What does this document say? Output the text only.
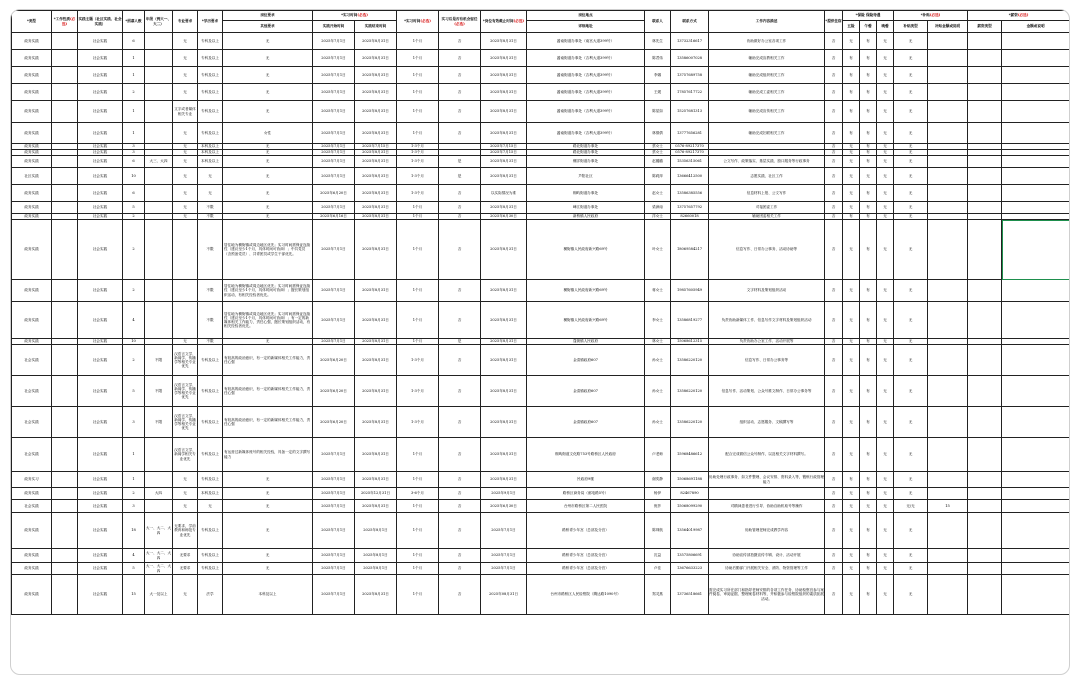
*类型	*工作性质(必选)	实践主题（社区实践、社会实践）	*招募人数	年级（例大一、大二）	专业要求	*学历要求	岗位要求	*实习时间(必选)		*实习时间(必选)	实习后是否有机会留任(必选)	*岗位有效截止时间(必选)	岗位地点	联系人	联系方式	工作内容描述	*提供住宿	*保险 保险待遇			*补贴(必选)		*薪资(必选)	
							其他要求	实践开始时间	实践结束时间				详细地址					五险	午餐	晚餐	补贴类型	补贴金额或说明	薪资类型	金额或说明
政务实践		社会实践	6		无	专科及以上	无	2025年7月1日	2025年8月31日	1个月	否	2025年8月31日	潞南街道办事处（南宫大道399号）	林先生	13732316617	协助做好办公室各项工作	否	无	有	无	无			
政务实践		社会实践	1		无	专科及以上	无	2025年7月1日	2025年8月31日	1个月	否	2025年8月31日	潞南街道办事处（吉利大道399号）	陈君伟	13586007028	辅助完成宣教相关工作	否	有	有	无	无			
政务实践		社会实践	1		无	专科及以上	无	2025年7月1日	2025年8月31日	1个月	否	2025年8月31日	潞南街道办事处（吉利大道399号）	李娜	13757689758	辅助完成组织相关工作	否	有	有	无	无			
政务实践		社会实践	2		无	专科及以上	无	2025年7月1日	2025年8月31日	1个月	否	2025年8月31日	潞南街道办事处（吉利大道399号）	王媛	17857617722	辅助完成工委相关工作	否	有	有	无	无			
政务实践		社会实践	1		文字或者媒体相关专业	专科及以上	无	2025年7月1日	2025年8月31日	1个月	否	2025年8月31日	潞南街道办事处（吉利大道399号）	陈星如	15257681313	辅助完成宣传相关工作	否	有	有	无	无			
政务实践		社会实践	1		无	专科及以上	女性	2025年7月1日	2025年8月31日	1个月	否	2025年8月31日	潞南街道办事处（吉利大道399号）	林倩倩	13777656281	辅助完成妇联相关工作	否	有	有	无	无			
政务实践		社会实践	3		无	本科及以上	无	2025年7月1日	2025年7月15日	1-3个月		2025年7月15日	路北街道办事处	蔡女士	0576-89217370		否	无	有	无	无			
政务实践		社会实践	3		无	本科及以上	无	2025年7月1日	2025年8月31日	1-3个月		2025年7月15日	路北街道办事处	蔡女士	0576-89217370		否	无	有	无	无			
政务实践		社会实践	6	大三、大四	无	本科及以上	无	2025年7月1日	2025年8月31日	1-3个月	是	2025年8月31日	螺洋街道办事处	赵璐璐	15356315061	公文写作、政策落实、基层实践、窗口服务等行政事务	否	无	有	无	无			
社区实践		社会实践	10		无	无	无	2025年7月1日	2025年8月31日	1-3个月	是	2025年8月31日	芦阳社区	陈莉萍	13666412500	志愿实践、社区工作	否	无	无	无	无			
政务实践		社会实践	6		无	无	无	2025年6月20日	2025年8月31日	1-3个月	否	以实际情况为准	桐屿街道办事处	赵女士	13586385556	信息材料上报、公文写作	否	无	有	无	无			
政务实践		社会实践	5		无	不限	无	2025年7月1日	2025年8月31日	1个月	否	2025年8月31日	峰江街道办事处	梁润南	13757657792	对接团委工作	否	无	有	无	无			
政务实践		社会实践	2		无	不限	无	2025年6月16日	2025年8月31日	1个月	否	2025年6月30日	新桥镇人民政府	洋女士	82660018	辅助团委相关工作	否	有	有	无	无			
政务实践		社会实践	2			不限	居住地为横街镇或周边地区优先；实习时间需保证连续性（建议至少1个月，具体时间可协商）；中共党员（含预备党员）、共青团员或学生干部优先。	2025年7月1日	2025年8月31日	1个月	否	2025年8月31日	横街镇人民政府新兴路69号	叶女士	18069584217	信息写作、日常办公事务、活动协助等	否	无	有	无	无			
政务实践		社会实践	2			不限	居住地为横街镇或周边地区优先；实习时间需保证连续性（建议至少1个月，具体时间可协商）；擅长策划组织活动，有相关经验者优先。	2025年7月1日	2025年8月31日	1个月	否	2025年8月31日	横街镇人民政府新兴路69号	蒋女士	19857605949	文字材料及策划组织活动	否	无	有	无	无			
政务实践		社会实践	4			不限	居住地为横街镇或周边地区优先；实习时间需保证连续性（建议至少1个月，具体时间可协商）；有一定的新媒体相关工作能力，责任心强，擅长策划组织活动，有相关经验者优先。	2025年7月1日	2025年8月31日	1个月	否	2025年8月31日	横街镇人民政府新兴路69号	李女士	13586819277	负责协助新媒体工作、信息写作文字材料及策划组织活动	否	无	有	无	无			
政务实践		社会实践	10		无	不限	无	2025年7月1日	2025年8月31日	1个月	是	2025年8月31日	蓬街镇人民政府	林女士	15068612315	负责协助办公室工作、活动开展等	否	无	有	无	无			
社会实践		社会实践	2	不限	汉语言文学、新闻学、传播学等相关专业优先	专科及以上	有较高的政治意识，有一定的新媒体相关工作能力，责任心强	2025年6月20日	2025年8月31日	1-3个月	否	2025年8月31日	金清镇政府607	孙女士	13586220120	信息写作、日常办公事务等	否	无	有	无	无			
社会实践		社会实践	5	不限	汉语言文学、新闻学、传播学等相关专业优先	专科及以上	有较高的政治意识，有一定的新媒体相关工作能力，责任心强	2025年6月20日	2025年8月31日	1-3个月	否	2025年8月31日	金清镇政府607	孙女士	13586220120	信息写作、活动策划、公众号推文制作、日常办公事务等	否	无	有	无	无			
社会实践		社会实践	3	不限	汉语言文学、新闻学、传播学等相关专业优先	专科及以上	有较高的政治意识，有一定的新媒体相关工作能力，责任心强	2025年6月20日	2025年8月31日	1-3个月	否	2025年8月31日	金清镇政府607	孙女士	13586220120	组织活动、志愿服务、文稿撰写等	否	无	有	无	无			
社会实践		社会实践	1		汉语言文学、新闻学相关专业优先	专科及以上	有运营过新媒体账号的相关经验，具备一定的文字撰写能力	2025年7月1日	2025年8月31日	1个月	否	2025年8月31日	桐屿街道文化路753号路桥区人民政府	卢老师	15968486612	配合完成微信公众号制作，以及相关文字材料撰写。	否	无	有	无	无			
政务实习		社会实践	1		无	专科及以上	无	2025年7月1日	2025年8月31日	1个月	否	2025年8月31日	民政府9楼	谢奕静	15068691188	协助处理行政事务、如文件整理、会议安排、资料录入等，锻炼行政管理能力	否	有	有	无	无			
政务实践		社会实践	2	大四	无	本科及以上	无	2025年7月1日	2025年12月31日	3-6个月	否	2025年9月1日	路桥区商务局（邮电路5号）	杨伊	82467890		否	无	有	无	无			
社会实践		社会实践	3		无	无	无	2025年7月1日	2025年8月31日	1个月	否	2025年6月30日	台州市路桥区第二人民医院	倪莎	15068099290	对精神患者进行引导、协助自助机取号等操作	否	无	无	无	无/无	15		
政务实践		社会实践	18	大一、大二、大四	无要求，学前教育和师范专业优先	专科及以上	无	2025年7月1日	2025年8月1日	1个月	否	2025年7月1日	路桥青少年宫（总部及分宫）	陈圳航	13564019987	协助管理老师完成教学内容	否	无	有	无	无			
政务实践		社会实践	4	大一、大二、大四	无要求	专科及以上	无	2025年7月1日	2025年8月1日	1个月	否	2025年7月1日	路桥青少年宫（总部及分宫）	沈益	13575806691	协助宣传部拍摄宣传专辑、设计、活动开展	否	无	有	无	无			
政务实践		社会实践	5	大一、大二、大四	无要求	专科及以上	无	2025年7月1日	2025年8月1日	1个月	否	2025年7月1日	路桥青少年宫（总部及分宫）	卢佳	13676633223	协助后勤部门开展相关安全、消防、物资管理等工作	否	无	有	无	无			
政务实践		社会实践	15	大一及以上	无	法学	本科及以上	2025年7月1日	2025年8月31日	1个月	否	2025年08月31日	台州市路桥区人民检察院（腾达路1090号）	郑灵燕	13736518661	需完成实习所在部门和指导老师安排的各项工作任务、协助检察官参与案件阅卷、审阅证据、整理案卷材料等，并积极参与检察院组织的素质拓展活动。	否	无	有	无	无			
